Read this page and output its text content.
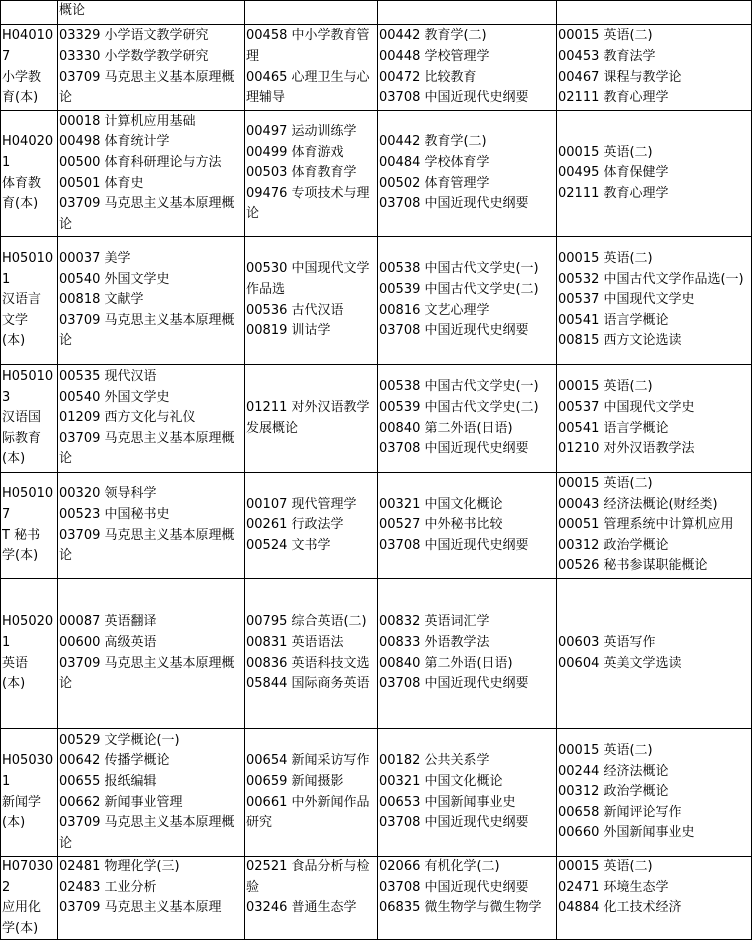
	概论			

H040107
小学教
育(本)	03329 小学语文教学研究
03330 小学数学教学研究
03709 马克思主义基本原理概论	00458 中小学教育管理
00465 心理卫生与心理辅导	00442 教育学(二)
00448 学校管理学
00472 比较教育
03708 中国近现代史纲要	00015 英语(二)
00453 教育法学
00467 课程与教学论
02111 教育心理学

H040201
体育教
育(本)	00018 计算机应用基础
00498 体育统计学
00500 体育科研理论与方法
00501 体育史
03709 马克思主义基本原理概论	00497 运动训练学
00499 体育游戏
00503 体育教育学
09476 专项技术与理论	00442 教育学(二)
00484 学校体育学
00502 体育管理学
03708 中国近现代史纲要	00015 英语(二)
00495 体育保健学
02111 教育心理学

H050101
汉语言
文学
(本)	00037 美学
00540 外国文学史
00818 文献学
03709 马克思主义基本原理概论	00530 中国现代文学作品选
00536 古代汉语
00819 训诂学	00538 中国古代文学史(一)
00539 中国古代文学史(二)
00816 文艺心理学
03708 中国近现代史纲要	00015 英语(二)
00532 中国古代文学作品选(一)
00537 中国现代文学史
00541 语言学概论
00815 西方文论选读

H050103
汉语国
际教育
(本)	00535 现代汉语
00540 外国文学史
01209 西方文化与礼仪
03709 马克思主义基本原理概论	01211 对外汉语教学发展概论	00538 中国古代文学史(一)
00539 中国古代文学史(二)
00840 第二外语(日语)
03708 中国近现代史纲要	00015 英语(二)
00537 中国现代文学史
00541 语言学概论
01210 对外汉语教学法

H050107
T 秘书
学(本)	00320 领导科学
00523 中国秘书史
03709 马克思主义基本原理概论	00107 现代管理学
00261 行政法学
00524 文书学	00321 中国文化概论
00527 中外秘书比较
03708 中国近现代史纲要	00015 英语(二)
00043 经济法概论(财经类)
00051 管理系统中计算机应用
00312 政治学概论
00526 秘书参谋职能概论

H050201
英语
(本)	00087 英语翻译
00600 高级英语
03709 马克思主义基本原理概论	00795 综合英语(二)
00831 英语语法
00836 英语科技文选
05844 国际商务英语	00832 英语词汇学
00833 外语教学法
00840 第二外语(日语)
03708 中国近现代史纲要	00603 英语写作
00604 英美文学选读

H050301
新闻学
(本)	00529 文学概论(一)
00642 传播学概论
00655 报纸编辑
00662 新闻事业管理
03709 马克思主义基本原理概论	00654 新闻采访写作
00659 新闻摄影
00661 中外新闻作品研究	00182 公共关系学
00321 中国文化概论
00653 中国新闻事业史
03708 中国近现代史纲要	00015 英语(二)
00244 经济法概论
00312 政治学概论
00658 新闻评论写作
00660 外国新闻事业史

H070302
应用化
学(本)	02481 物理化学(三)
02483 工业分析
03709 马克思主义基本原理	02521 食品分析与检验
03246 普通生态学	02066 有机化学(二)
03708 中国近现代史纲要
06835 微生物学与微生物学	00015 英语(二)
02471 环境生态学
04884 化工技术经济
